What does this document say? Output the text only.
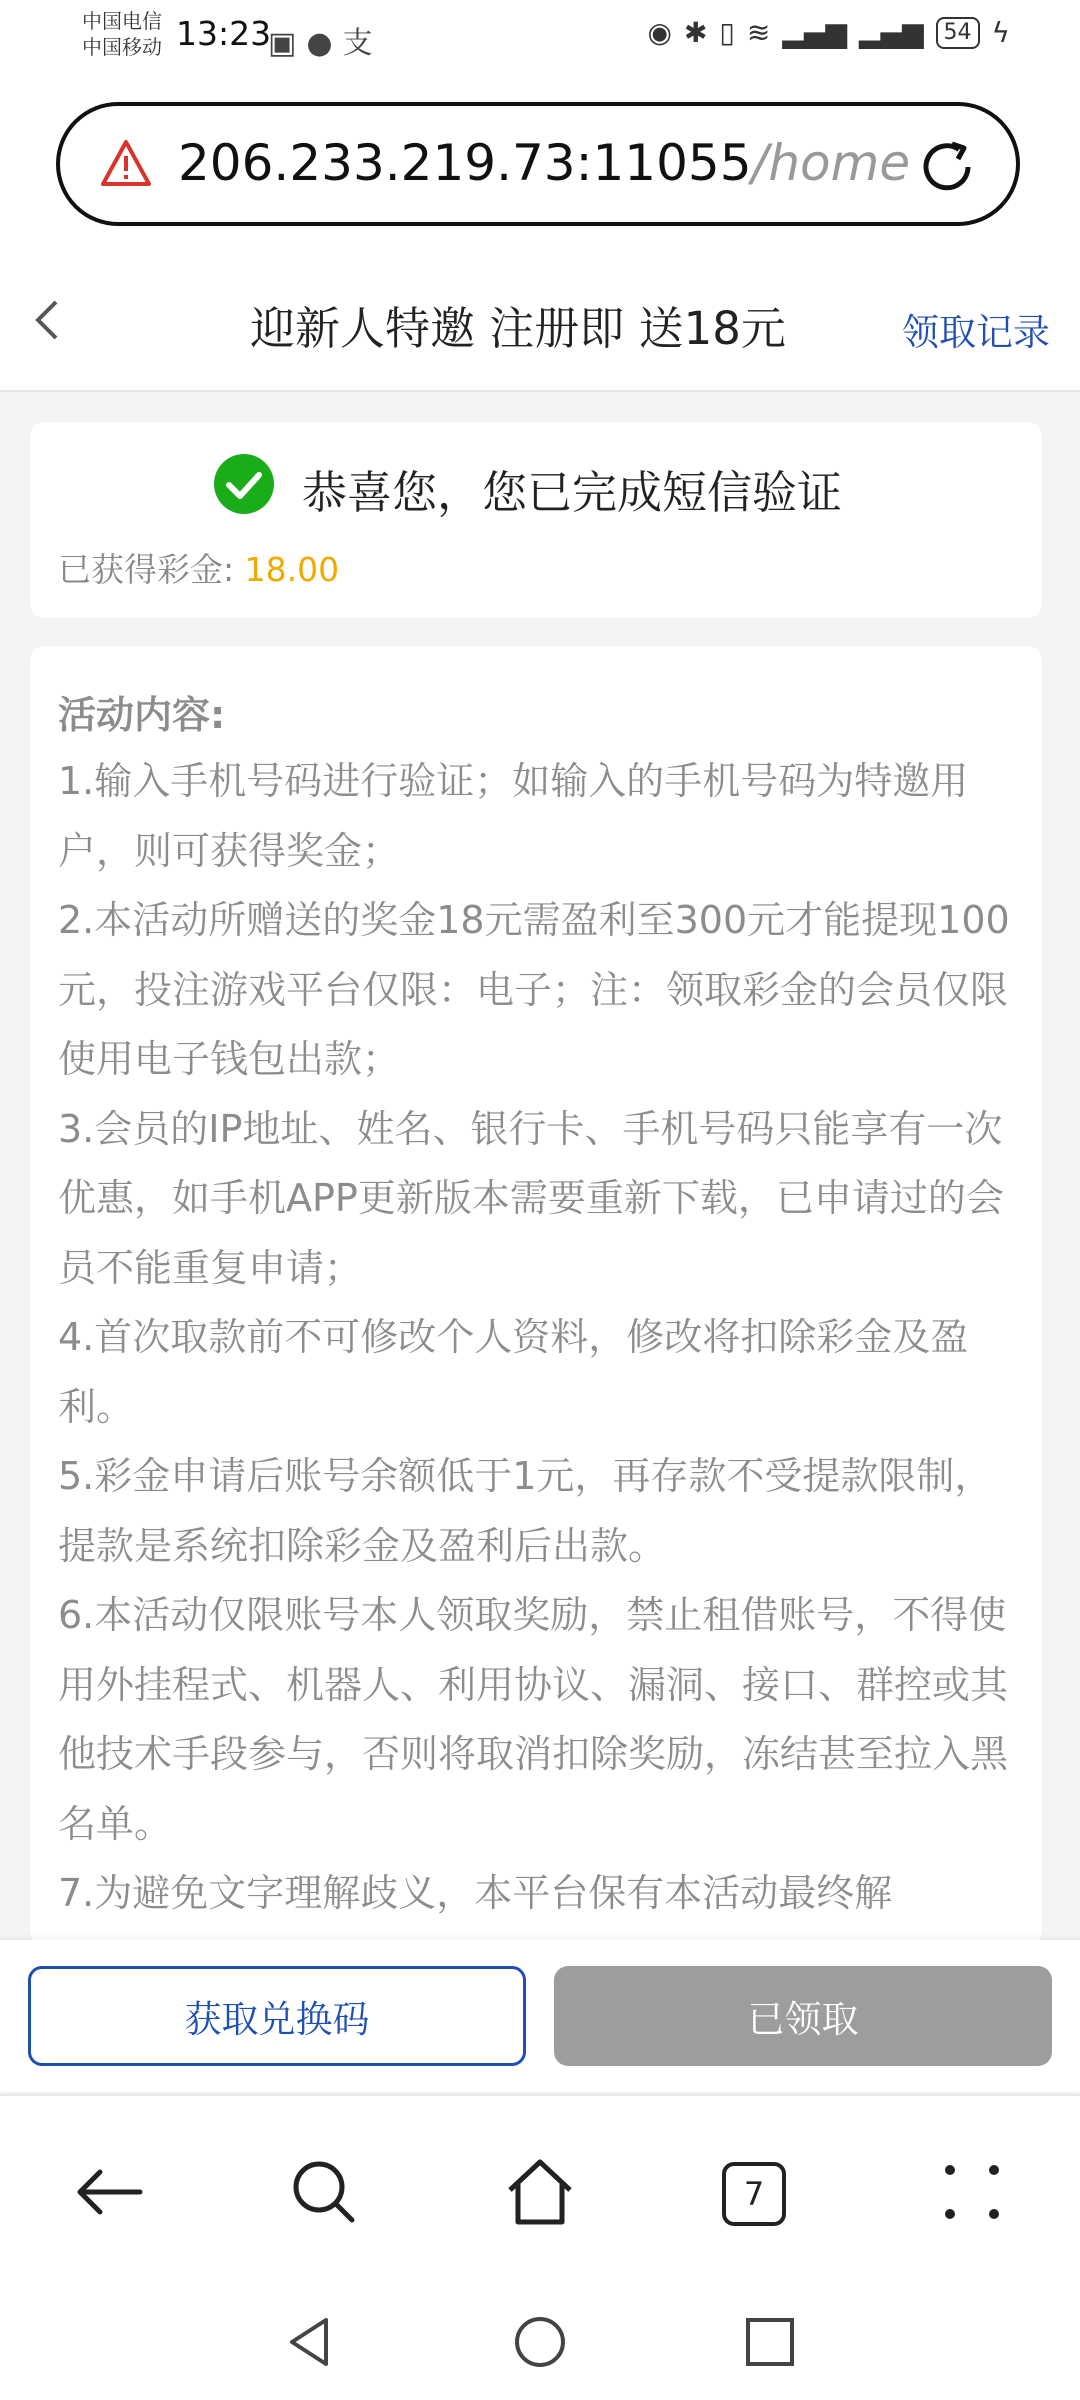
中国电信
中国移动 13:23
▣●支	◉ ✱ ▯ ≋ ▂▄▆ ▂▄▆ 54 ϟ
206.233.219.73:11055/home
迎新人特邀 注册即 送18元	领取记录
恭喜您，您已完成短信验证
已获得彩金: 18.00
活动内容:

1.输入手机号码进行验证；如输入的手机号码为特邀用户，则可获得奖金；

2.本活动所赠送的奖金18元需盈利至300元才能提现100元，投注游戏平台仅限：电子；注：领取彩金的会员仅限使用电子钱包出款；

3.会员的IP地址、姓名、银行卡、手机号码只能享有一次优惠，如手机APP更新版本需要重新下载，已申请过的会员不能重复申请；

4.首次取款前不可修改个人资料，修改将扣除彩金及盈利。

5.彩金申请后账号余额低于1元，再存款不受提款限制，提款是系统扣除彩金及盈利后出款。

6.本活动仅限账号本人领取奖励，禁止租借账号，不得使用外挂程式、机器人、利用协议、漏洞、接口、群控或其他技术手段参与，否则将取消扣除奖励，冻结甚至拉入黑名单。

7.为避免文字理解歧义，本平台保有本活动最终解

获取兑换码	已领取
7
